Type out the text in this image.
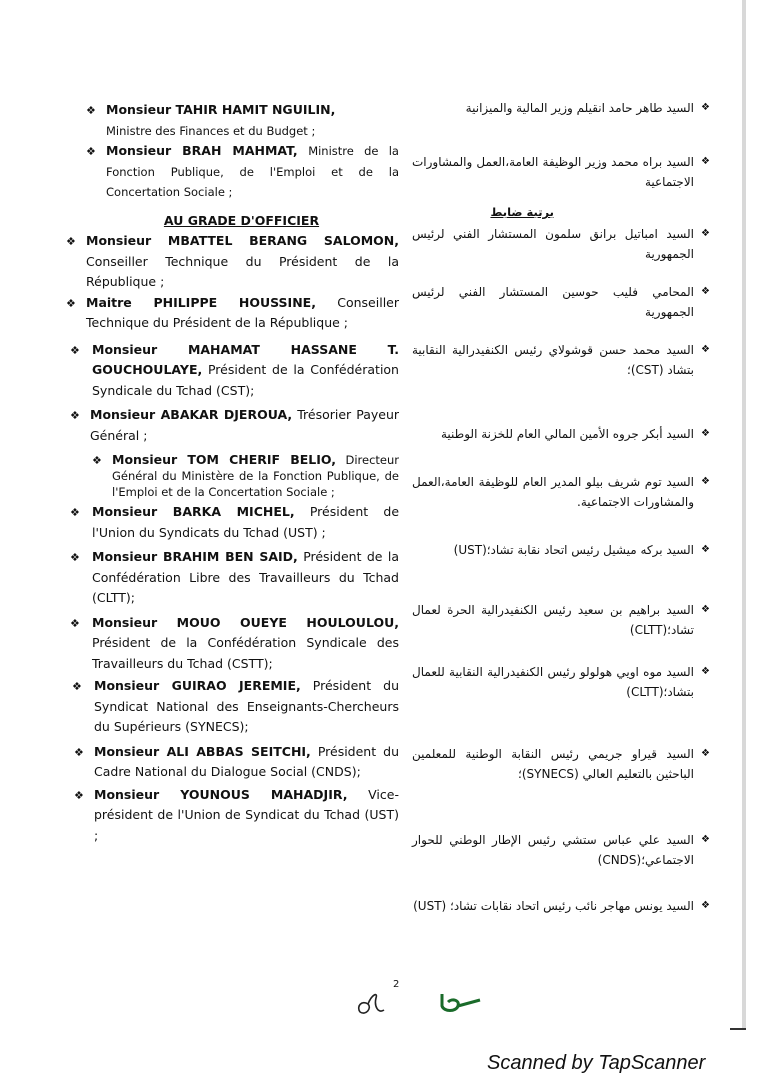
❖ Monsieur TAHIR HAMIT NGUILIN,
Ministre des Finances et du Budget ;

❖ Monsieur BRAH MAHMAT, Ministre de la Fonction Publique, de l'Emploi et de la Concertation Sociale ;

AU GRADE D'OFFICIER

❖ Monsieur MBATTEL BERANG SALOMON, Conseiller Technique du Président de la République ;

❖ Maitre PHILIPPE HOUSSINE, Conseiller Technique du Président de la République ;

❖ Monsieur MAHAMAT HASSANE T. GOUCHOULAYE, Président de la Confédération Syndicale du Tchad (CST);

❖ Monsieur ABAKAR DJEROUA, Trésorier Payeur Général ;

❖ Monsieur TOM CHERIF BELIO, Directeur Général du Ministère de la Fonction Publique, de l'Emploi et de la Concertation Sociale ;

❖ Monsieur BARKA MICHEL, Président de l'Union du Syndicats du Tchad (UST) ;

❖ Monsieur BRAHIM BEN SAID, Président de la Confédération Libre des Travailleurs du Tchad (CLTT);

❖ Monsieur MOUO OUEYE HOULOULOU, Président de la Confédération Syndicale des Travailleurs du Tchad (CSTT);

❖ Monsieur GUIRAO JEREMIE, Président du Syndicat National des Enseignants-Chercheurs du Supérieurs (SYNECS);

❖ Monsieur ALI ABBAS SEITCHI, Président du Cadre National du Dialogue Social (CNDS);

❖ Monsieur YOUNOUS MAHADJIR, Vice-président de l'Union de Syndicat du Tchad (UST) ;

❖
السيد طاهر حامد انقيلم وزير المالية والميزانية
❖
السيد براه محمد وزير الوظيفة العامة،العمل والمشاورات الاجتماعية
برتبة ضابط
❖
السيد امباتيل برانق سلمون المستشار الفني لرئيس الجمهورية
❖
المحامي فليب حوسين المستشار الفني لرئيس الجمهورية
❖
السيد محمد حسن قوشولاي رئيس الكنفيدرالية النقابية بتشاد (CST)؛
❖
السيد أبكر جروه الأمين المالي العام للخزنة الوطنية
❖
السيد توم شريف بيلو المدير العام للوظيفة العامة،العمل والمشاورات الاجتماعية.
❖
السيد بركه ميشيل رئيس اتحاد نقابة تشاد؛(UST)
❖
السيد براهيم بن سعيد رئيس الكنفيدرالية الحرة لعمال تشاد؛(CLTT)
❖
السيد موه اويي هولولو رئيس الكنفيدرالية النقابية للعمال بتشاد؛(CLTT)
❖
السيد قيراو جريمي رئيس النقابة الوطنية للمعلمين الباحثين بالتعليم العالي (SYNECS)؛
❖
السيد علي عباس ستشي رئيس الإطار الوطني للحوار الاجتماعي؛(CNDS)
❖
السيد يونس مهاجر نائب رئيس اتحاد نقابات تشاد؛ (UST)
2
Scanned by TapScanner
